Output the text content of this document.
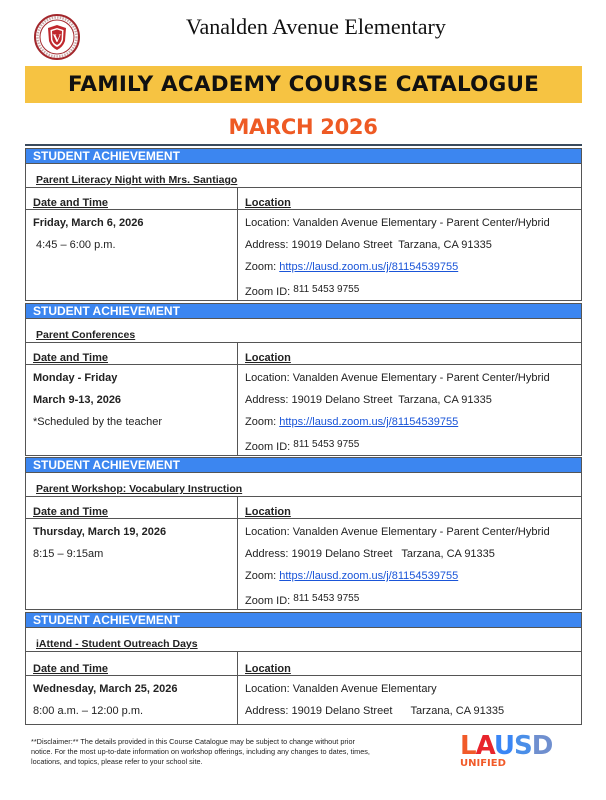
V	Vanalden Avenue Elementary
FAMILY ACADEMY COURSE CATALOGUE
MARCH 2026
STUDENT ACHIEVEMENT
Parent Literacy Night with Mrs. Santiago
Date and Time
Friday, March 6, 2026
4:45 – 6:00 p.m.
Location
Location: Vanalden Avenue Elementary - Parent Center/Hybrid
Address: 19019 Delano Street  Tarzana, CA 91335
Zoom: https://lausd.zoom.us/j/81154539755
Zoom ID: 811 5453 9755
STUDENT ACHIEVEMENT
Parent Conferences
Date and Time
Monday - Friday
March 9-13, 2026
*Scheduled by the teacher
Location
Location: Vanalden Avenue Elementary - Parent Center/Hybrid
Address: 19019 Delano Street  Tarzana, CA 91335
Zoom: https://lausd.zoom.us/j/81154539755
Zoom ID: 811 5453 9755
STUDENT ACHIEVEMENT
Parent Workshop: Vocabulary Instruction
Date and Time
Thursday, March 19, 2026
8:15 – 9:15am
Location
Location: Vanalden Avenue Elementary - Parent Center/Hybrid
Address: 19019 Delano Street   Tarzana, CA 91335
Zoom: https://lausd.zoom.us/j/81154539755
Zoom ID: 811 5453 9755
STUDENT ACHIEVEMENT
iAttend - Student Outreach Days
Date and Time
Wednesday, March 25, 2026
8:00 a.m. – 12:00 p.m.
Location
Location: Vanalden Avenue Elementary
Address: 19019 Delano Street      Tarzana, CA 91335
**Disclaimer:** The details provided in this Course Catalogue may be subject to change without prior notice. For the most up-to-date information on workshop offerings, including any changes to dates, times, locations, and topics, please refer to your school site.
LAUSD
UNIFIED
